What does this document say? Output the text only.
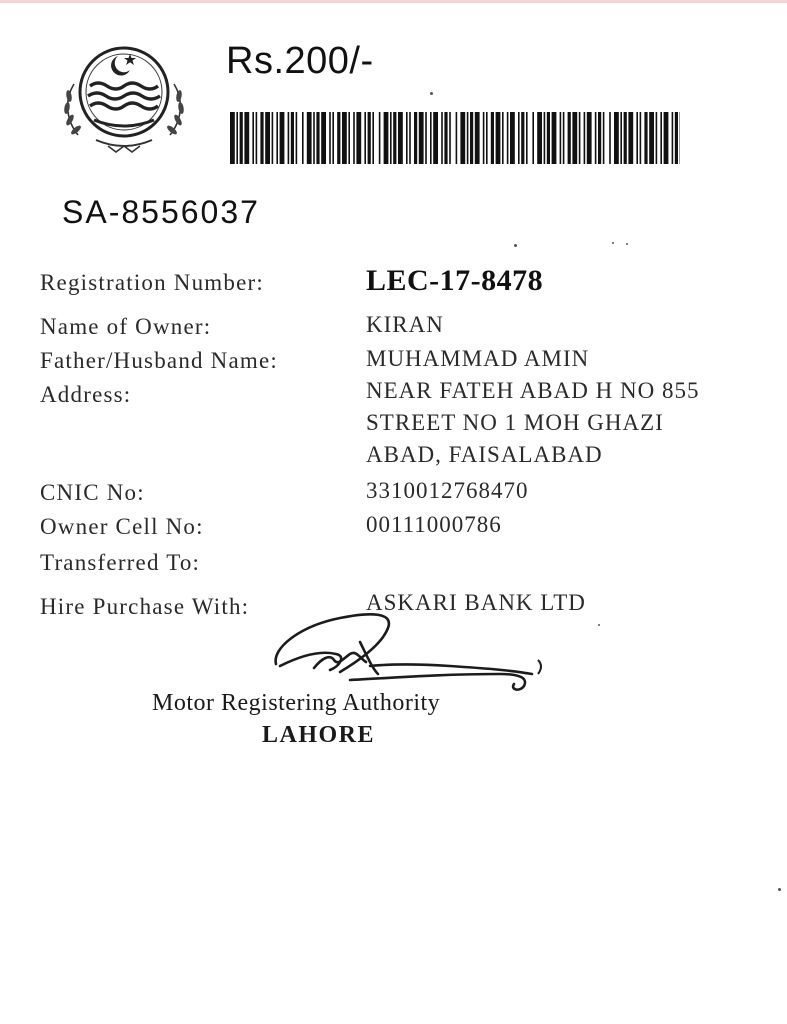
Rs.200/-
SA-8556037
Registration Number:	LEC-17-8478
Name of Owner:	KIRAN
Father/Husband Name:	MUHAMMAD AMIN
Address:	NEAR FATEH ABAD H NO 855
STREET NO 1 MOH GHAZI
ABAD, FAISALABAD
CNIC No:	3310012768470
Owner Cell No:	00111000786
Transferred To:
Hire Purchase With:	ASKARI BANK LTD
Motor Registering Authority
LAHORE
